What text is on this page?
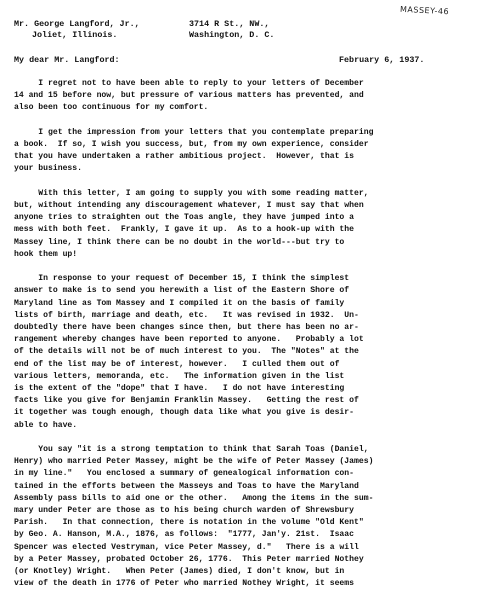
MASSEY-46
Mr. George Langford, Jr.,
Joliet, Illinois.
3714 R St., NW.,
Washington, D. C.
My dear Mr. Langford:	February 6, 1937.
I regret not to have been able to reply to your letters of December
14 and 15 before now, but pressure of various matters has prevented, and
also been too continuous for my comfort.
I get the impression from your letters that you contemplate preparing
a book.  If so, I wish you success, but, from my own experience, consider
that you have undertaken a rather ambitious project.  However, that is
your business.
With this letter, I am going to supply you with some reading matter,
but, without intending any discouragement whatever, I must say that when
anyone tries to straighten out the Toas angle, they have jumped into a
mess with both feet.  Frankly, I gave it up.  As to a hook-up with the
Massey line, I think there can be no doubt in the world---but try to
hook them up!
In response to your request of December 15, I think the simplest
answer to make is to send you herewith a list of the Eastern Shore of
Maryland line as Tom Massey and I compiled it on the basis of family
lists of birth, marriage and death, etc.   It was revised in 1932.  Un-
doubtedly there have been changes since then, but there has been no ar-
rangement whereby changes have been reported to anyone.   Probably a lot
of the details will not be of much interest to you.  The "Notes" at the
end of the list may be of interest, however.   I culled them out of
various letters, memoranda, etc.   The information given in the list
is the extent of the "dope" that I have.   I do not have interesting
facts like you give for Benjamin Franklin Massey.   Getting the rest of
it together was tough enough, though data like what you give is desir-
able to have.
You say "it is a strong temptation to think that Sarah Toas (Daniel,
Henry) who married Peter Massey, might be the wife of Peter Massey (James)
in my line."   You enclosed a summary of genealogical information con-
tained in the efforts between the Masseys and Toas to have the Maryland
Assembly pass bills to aid one or the other.   Among the items in the sum-
mary under Peter are those as to his being church warden of Shrewsbury
Parish.   In that connection, there is notation in the volume "Old Kent"
by Geo. A. Hanson, M.A., 1876, as follows:  "1777, Jan'y. 21st.  Isaac
Spencer was elected Vestryman, vice Peter Massey, d."   There is a will
by a Peter Massey, probated October 26, 1776.  This Peter married Nothey
(or Knotley) Wright.   When Peter (James) died, I don't know, but in
view of the death in 1776 of Peter who married Nothey Wright, it seems
